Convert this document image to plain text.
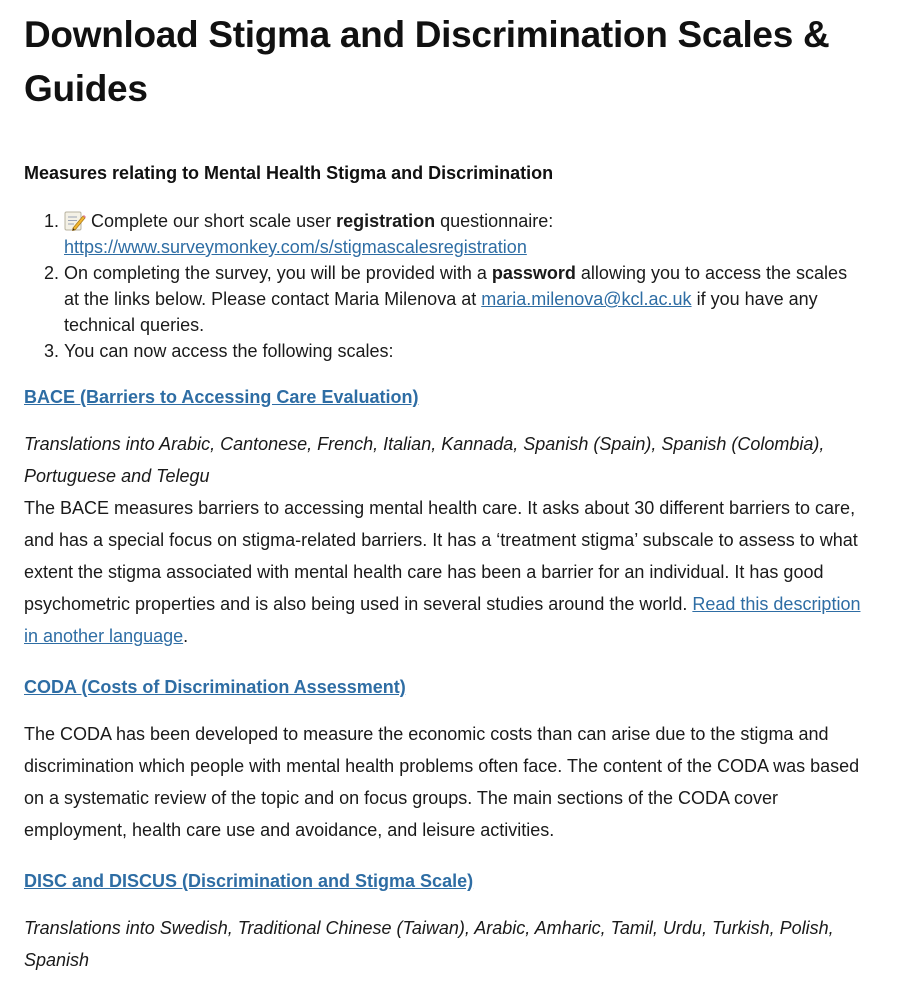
Download Stigma and Discrimination Scales & Guides
Measures relating to Mental Health Stigma and Discrimination
1. Complete our short scale user registration questionnaire:
https://www.surveymonkey.com/s/stigmascalesregistration
2. On completing the survey, you will be provided with a password allowing you to access the scales at the links below. Please contact Maria Milenova at maria.milenova@kcl.ac.uk if you have any technical queries.
3. You can now access the following scales:
BACE (Barriers to Accessing Care Evaluation)

Translations into Arabic, Cantonese, French, Italian, Kannada, Spanish (Spain), Spanish (Colombia), Portuguese and Telegu

The BACE measures barriers to accessing mental health care. It asks about 30 different barriers to care, and has a special focus on stigma-related barriers. It has a ‘treatment stigma’ subscale to assess to what extent the stigma associated with mental health care has been a barrier for an individual. It has good psychometric properties and is also being used in several studies around the world. Read this description in another language.

CODA (Costs of Discrimination Assessment)

The CODA has been developed to measure the economic costs than can arise due to the stigma and discrimination which people with mental health problems often face. The content of the CODA was based on a systematic review of the topic and on focus groups. The main sections of the CODA cover employment, health care use and avoidance, and leisure activities.

DISC and DISCUS (Discrimination and Stigma Scale)

Translations into Swedish, Traditional Chinese (Taiwan), Arabic, Amharic, Tamil, Urdu, Turkish, Polish, Spanish
